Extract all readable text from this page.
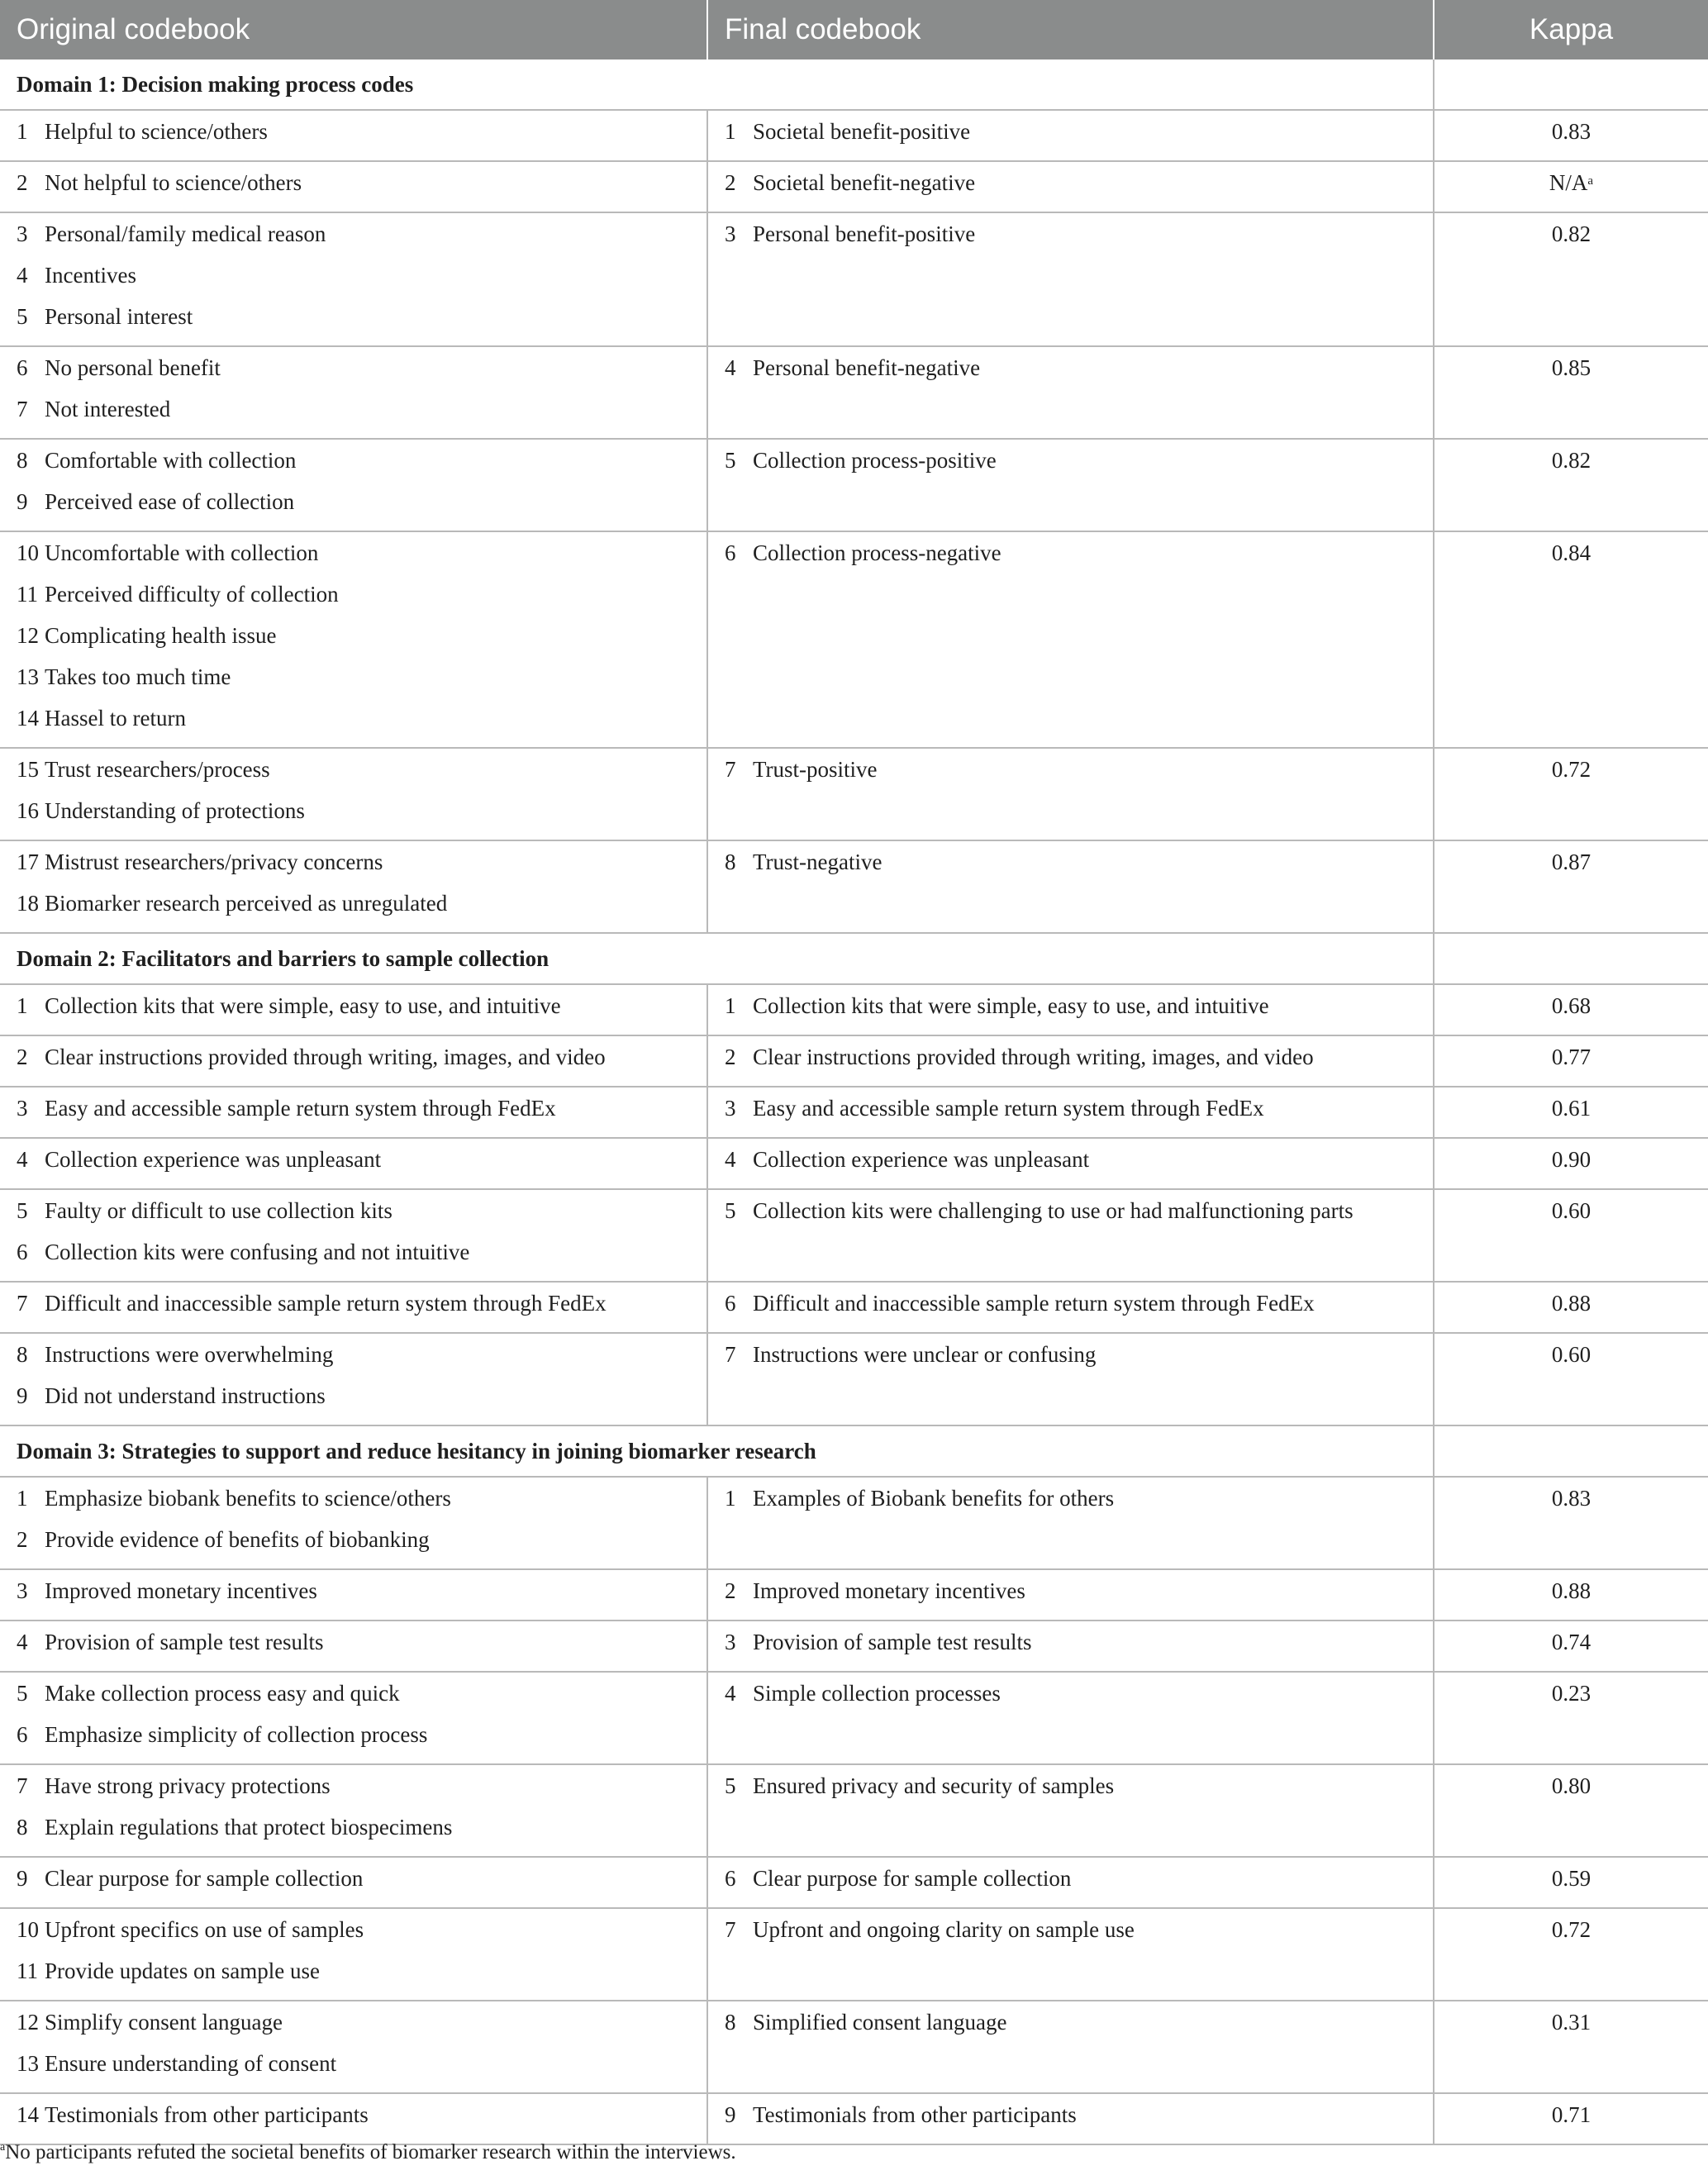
Original codebook	Final codebook	Kappa
Domain 1: Decision making process codes		

1 Helpful to science/others	1 Societal benefit-positive	0.83

2 Not helpful to science/others	2 Societal benefit-negative	$N/A^a$

3 Personal/family medical reason
4 Incentives
5 Personal interest	3 Personal benefit-positive	0.82

6 No personal benefit
7 Not interested	4 Personal benefit-negative	0.85

8 Comfortable with collection
9 Perceived ease of collection	5 Collection process-positive	0.82

10 Uncomfortable with collection
11 Perceived difficulty of collection
12 Complicating health issue
13 Takes too much time
14 Hassel to return	6 Collection process-negative	0.84

15 Trust researchers/process
16 Understanding of protections	7 Trust-positive	0.72

17 Mistrust researchers/privacy concerns
18 Biomarker research perceived as unregulated	8 Trust-negative	0.87

Domain 2: Facilitators and barriers to sample collection		

1 Collection kits that were simple, easy to use, and intuitive	1 Collection kits that were simple, easy to use, and intuitive	0.68

2 Clear instructions provided through writing, images, and video	2 Clear instructions provided through writing, images, and video	0.77

3 Easy and accessible sample return system through FedEx	3 Easy and accessible sample return system through FedEx	0.61

4 Collection experience was unpleasant	4 Collection experience was unpleasant	0.90

5 Faulty or difficult to use collection kits
6 Collection kits were confusing and not intuitive	5 Collection kits were challenging to use or had malfunctioning parts	0.60

7 Difficult and inaccessible sample return system through FedEx	6 Difficult and inaccessible sample return system through FedEx	0.88

8 Instructions were overwhelming
9 Did not understand instructions	7 Instructions were unclear or confusing	0.60

Domain 3: Strategies to support and reduce hesitancy in joining biomarker research		

1 Emphasize biobank benefits to science/others
2 Provide evidence of benefits of biobanking	1 Examples of Biobank benefits for others	0.83

3 Improved monetary incentives	2 Improved monetary incentives	0.88

4 Provision of sample test results	3 Provision of sample test results	0.74

5 Make collection process easy and quick
6 Emphasize simplicity of collection process	4 Simple collection processes	0.23

7 Have strong privacy protections
8 Explain regulations that protect biospecimens	5 Ensured privacy and security of samples	0.80

9 Clear purpose for sample collection	6 Clear purpose for sample collection	0.59

10 Upfront specifics on use of samples
11 Provide updates on sample use	7 Upfront and ongoing clarity on sample use	0.72

12 Simplify consent language
13 Ensure understanding of consent	8 Simplified consent language	0.31

14 Testimonials from other participants	9 Testimonials from other participants	0.71
$^a$No participants refuted the societal benefits of biomarker research within the interviews.
